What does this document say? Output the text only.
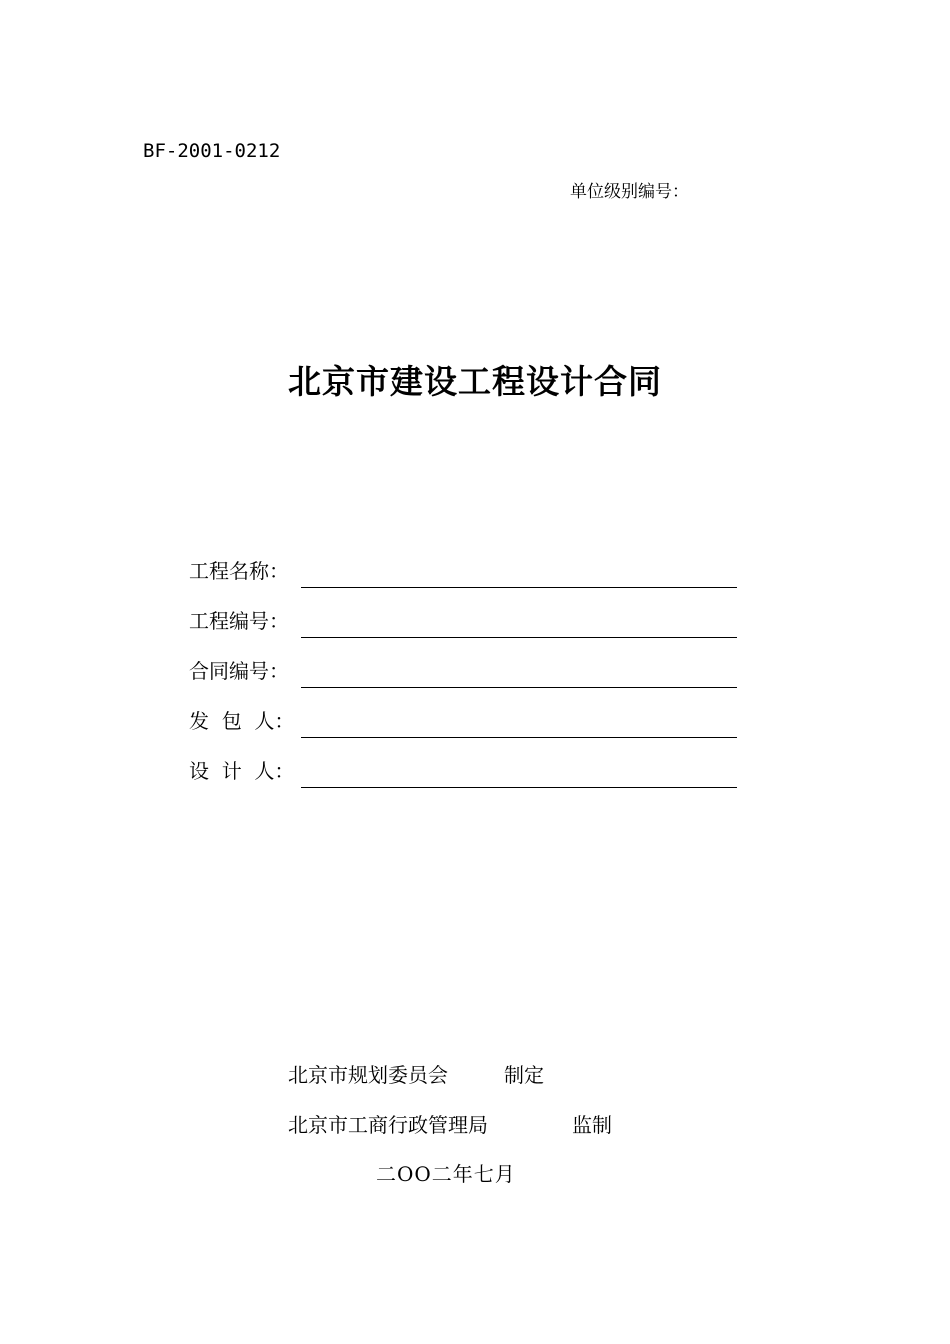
BF-2001-0212
单位级别编号：
北京市建设工程设计合同
工程名称：
工程编号：
合同编号：
发  包  人：
设  计  人：
北京市规划委员会	制定
北京市工商行政管理局	监制
二OO二年七月
